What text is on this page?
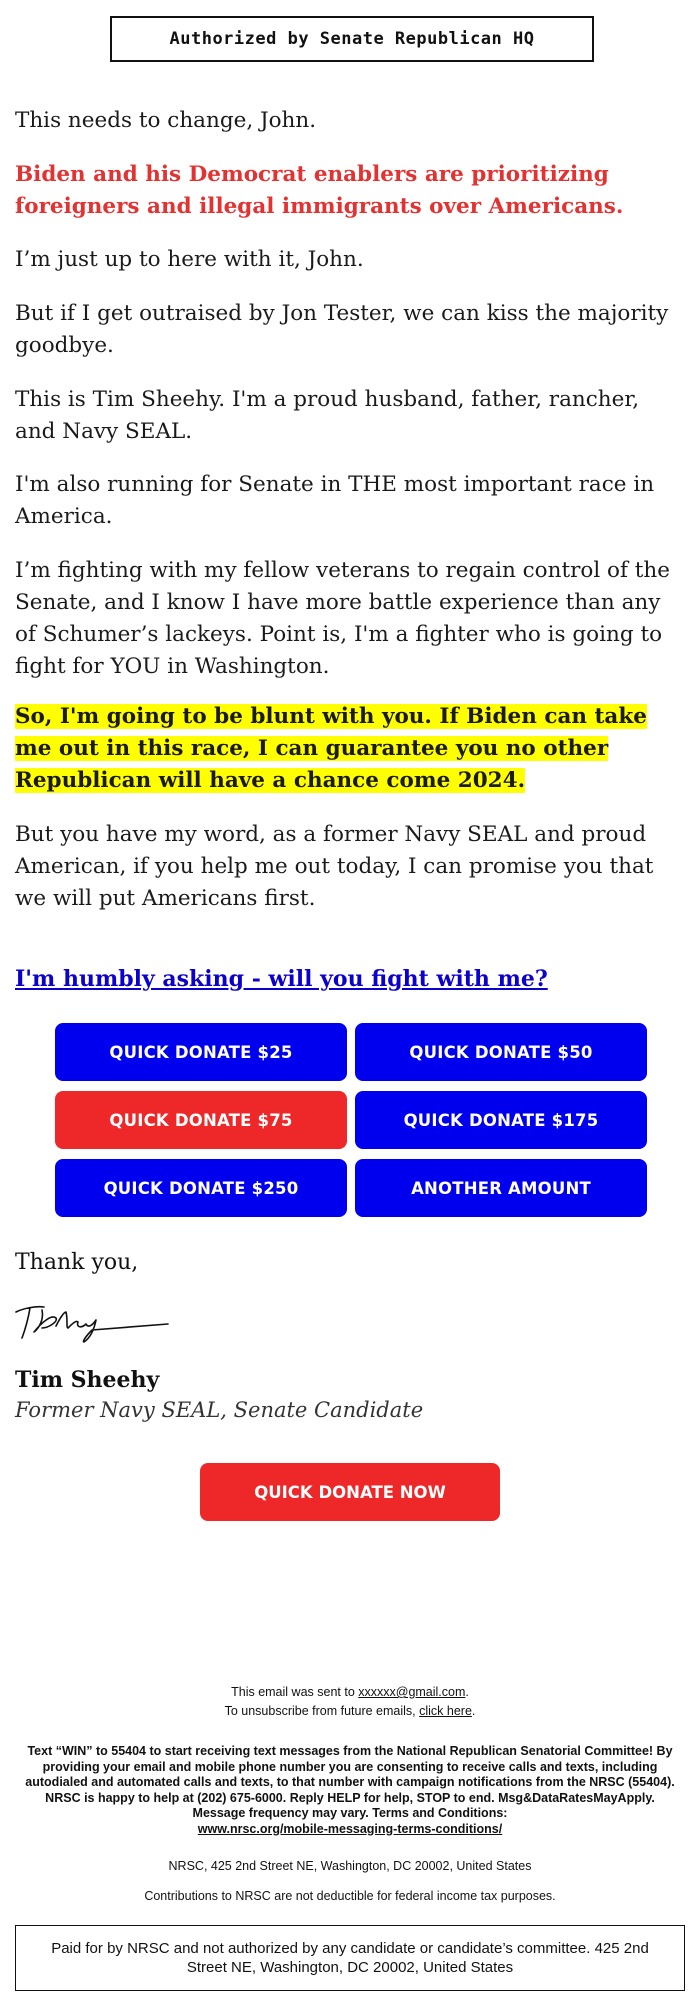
Authorized by Senate Republican HQ

This needs to change, John.

Biden and his Democrat enablers are prioritizing foreigners and illegal immigrants over Americans.

I’m just up to here with it, John.

But if I get outraised by Jon Tester, we can kiss the majority goodbye.

This is Tim Sheehy. I'm a proud husband, father, rancher, and Navy SEAL.

I'm also running for Senate in THE most important race in America.

I’m fighting with my fellow veterans to regain control of the Senate, and I know I have more battle experience than any of Schumer’s lackeys. Point is, I'm a fighter who is going to fight for YOU in Washington.

So, I'm going to be blunt with you. If Biden can take me out in this race, I can guarantee you no other Republican will have a chance come 2024.

But you have my word, as a former Navy SEAL and proud American, if you help me out today, I can promise you that we will put Americans first.

I'm humbly asking - will you fight with me?
QUICK DONATE $25	QUICK DONATE $50
QUICK DONATE $75	QUICK DONATE $175
QUICK DONATE $250	ANOTHER AMOUNT
Thank you,
Tim Sheehy
Former Navy SEAL, Senate Candidate
QUICK DONATE NOW
This email was sent to xxxxxx@gmail.com.
To unsubscribe from future emails, click here.
Text “WIN” to 55404 to start receiving text messages from the National Republican Senatorial Committee! By providing your email and mobile phone number you are consenting to receive calls and texts, including autodialed and automated calls and texts, to that number with campaign notifications from the NRSC (55404). NRSC is happy to help at (202) 675-6000. Reply HELP for help, STOP to end. Msg&DataRatesMayApply. Message frequency may vary. Terms and Conditions:
www.nrsc.org/mobile-messaging-terms-conditions/
NRSC, 425 2nd Street NE, Washington, DC 20002, United States
Contributions to NRSC are not deductible for federal income tax purposes.
Paid for by NRSC and not authorized by any candidate or candidate’s committee. 425 2nd Street NE, Washington, DC 20002, United States
